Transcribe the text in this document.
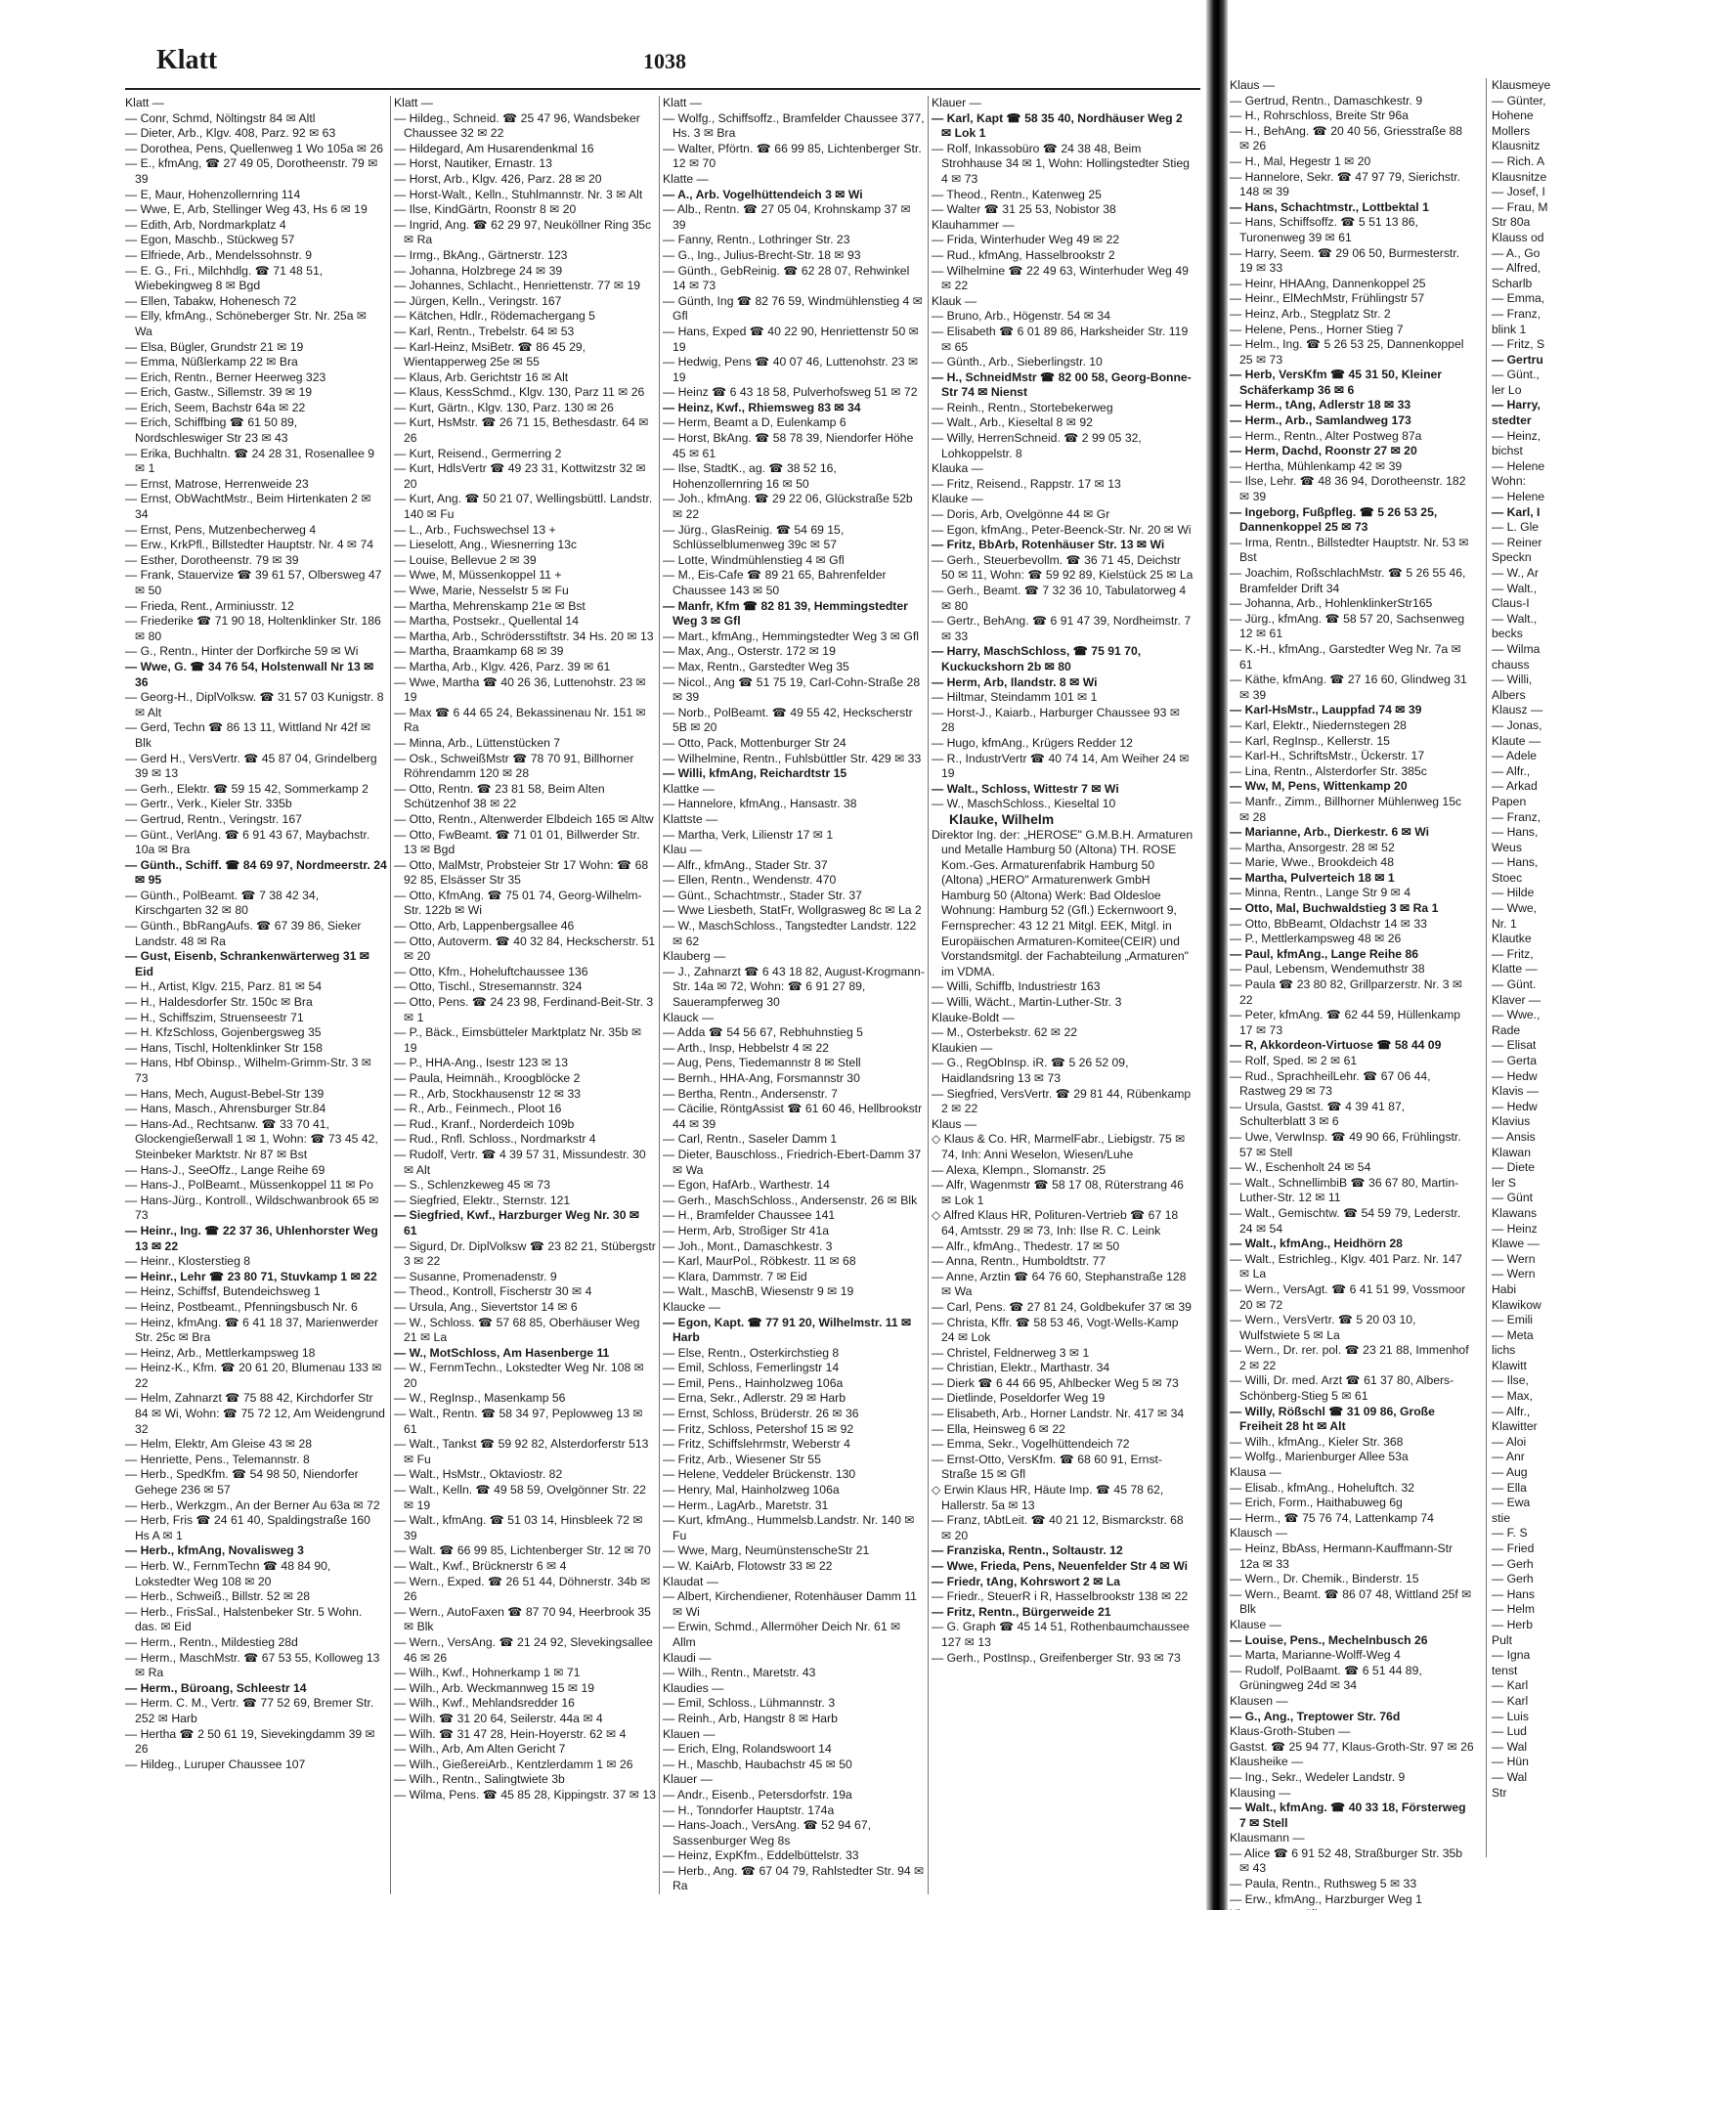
Klatt	1038
Klatt —
— Conr, Schmd, Nöltingstr 84 ✉ Altl
— Dieter, Arb., Klgv. 408, Parz. 92 ✉ 63
— Dorothea, Pens, Quellenweg 1 Wo 105a ✉ 26
— E., kfmAng, ☎ 27 49 05, Dorotheenstr. 79 ✉ 39
— E, Maur, Hohenzollernring 114
— Wwe, E, Arb, Stellinger Weg 43, Hs 6 ✉ 19
— Edith, Arb, Nordmarkplatz 4
— Egon, Maschb., Stückweg 57
— Elfriede, Arb., Mendelssohnstr. 9
— E. G., Fri., Milchhdlg. ☎ 71 48 51, Wiebekingweg 8 ✉ Bgd
— Ellen, Tabakw, Hohenesch 72
— Elly, kfmAng., Schöneberger Str. Nr. 25a ✉ Wa
— Elsa, Bügler, Grundstr 21 ✉ 19
— Emma, Nüßlerkamp 22 ✉ Bra
— Erich, Rentn., Berner Heerweg 323
— Erich, Gastw., Sillemstr. 39 ✉ 19
— Erich, Seem, Bachstr 64a ✉ 22
— Erich, Schiffbing ☎ 61 50 89, Nordschleswiger Str 23 ✉ 43
— Erika, Buchhaltn. ☎ 24 28 31, Rosenallee 9 ✉ 1
— Ernst, Matrose, Herrenweide 23
— Ernst, ObWachtMstr., Beim Hirtenkaten 2 ✉ 34
— Ernst, Pens, Mutzenbecherweg 4
— Erw., KrkPfl., Billstedter Hauptstr. Nr. 4 ✉ 74
— Esther, Dorotheenstr. 79 ✉ 39
— Frank, Stauervize ☎ 39 61 57, Olbersweg 47 ✉ 50
— Frieda, Rent., Arminiusstr. 12
— Friederike ☎ 71 90 18, Holtenklinker Str. 186 ✉ 80
— G., Rentn., Hinter der Dorfkirche 59 ✉ Wi
— Wwe, G. ☎ 34 76 54, Holstenwall Nr 13 ✉ 36
— Georg-H., DiplVolksw. ☎ 31 57 03 Kunigstr. 8 ✉ Alt
— Gerd, Techn ☎ 86 13 11, Wittland Nr 42f ✉ Blk
— Gerd H., VersVertr. ☎ 45 87 04, Grindelberg 39 ✉ 13
— Gerh., Elektr. ☎ 59 15 42, Sommerkamp 2
— Gertr., Verk., Kieler Str. 335b
— Gertrud, Rentn., Veringstr. 167
— Günt., VerlAng. ☎ 6 91 43 67, Maybachstr. 10a ✉ Bra
— Günth., Schiff. ☎ 84 69 97, Nordmeerstr. 24 ✉ 95
— Günth., PolBeamt. ☎ 7 38 42 34, Kirschgarten 32 ✉ 80
— Günth., BbRangAufs. ☎ 67 39 86, Sieker Landstr. 48 ✉ Ra
— Gust, Eisenb, Schrankenwärterweg 31 ✉ Eid
— H., Artist, Klgv. 215, Parz. 81 ✉ 54
— H., Haldesdorfer Str. 150c ✉ Bra
— H., Schiffszim, Struenseestr 71
— H. KfzSchloss, Gojenbergsweg 35
— Hans, Tischl, Holtenklinker Str 158
— Hans, Hbf Obinsp., Wilhelm-Grimm-Str. 3 ✉ 73
— Hans, Mech, August-Bebel-Str 139
— Hans, Masch., Ahrensburger Str.84
— Hans-Ad., Rechtsanw. ☎ 33 70 41, Glockengießerwall 1 ✉ 1, Wohn: ☎ 73 45 42, Steinbeker Marktstr. Nr 87 ✉ Bst
— Hans-J., SeeOffz., Lange Reihe 69
— Hans-J., PolBeamt., Müssenkoppel 11 ✉ Po
— Hans-Jürg., Kontroll., Wildschwanbrook 65 ✉ 73
— Heinr., Ing. ☎ 22 37 36, Uhlenhorster Weg 13 ✉ 22
— Heinr., Klosterstieg 8
— Heinr., Lehr ☎ 23 80 71, Stuvkamp 1 ✉ 22
— Heinz, Schiffsf, Butendeichsweg 1
— Heinz, Postbeamt., Pfenningsbusch Nr. 6
— Heinz, kfmAng. ☎ 6 41 18 37, Marienwerder Str. 25c ✉ Bra
— Heinz, Arb., Mettlerkampsweg 18
— Heinz-K., Kfm. ☎ 20 61 20, Blumenau 133 ✉ 22
— Helm, Zahnarzt ☎ 75 88 42, Kirchdorfer Str 84 ✉ Wi, Wohn: ☎ 75 72 12, Am Weidengrund 32
— Helm, Elektr, Am Gleise 43 ✉ 28
— Henriette, Pens., Telemannstr. 8
— Herb., SpedKfm. ☎ 54 98 50, Niendorfer Gehege 236 ✉ 57
— Herb., Werkzgm., An der Berner Au 63a ✉ 72
— Herb, Fris ☎ 24 61 40, Spaldingstraße 160 Hs A ✉ 1
— Herb., kfmAng, Novalisweg 3
— Herb. W., FernmTechn ☎ 48 84 90, Lokstedter Weg 108 ✉ 20
— Herb., Schweiß., Billstr. 52 ✉ 28
— Herb., FrisSal., Halstenbeker Str. 5 Wohn. das. ✉ Eid
— Herm., Rentn., Mildestieg 28d
— Herm., MaschMstr. ☎ 67 53 55, Kolloweg 13 ✉ Ra
— Herm., Büroang, Schleestr 14
— Herm. C. M., Vertr. ☎ 77 52 69, Bremer Str. 252 ✉ Harb
— Hertha ☎ 2 50 61 19, Sievekingdamm 39 ✉ 26
— Hildeg., Luruper Chaussee 107
Klatt —
— Hildeg., Schneid. ☎ 25 47 96, Wandsbeker Chaussee 32 ✉ 22
— Hildegard, Am Husarendenkmal 16
— Horst, Nautiker, Ernastr. 13
— Horst, Arb., Klgv. 426, Parz. 28 ✉ 20
— Horst-Walt., Kelln., Stuhlmannstr. Nr. 3 ✉ Alt
— Ilse, KindGärtn, Roonstr 8 ✉ 20
— Ingrid, Ang. ☎ 62 29 97, Neuköllner Ring 35c ✉ Ra
— Irmg., BkAng., Gärtnerstr. 123
— Johanna, Holzbrege 24 ✉ 39
— Johannes, Schlacht., Henriettenstr. 77 ✉ 19
— Jürgen, Kelln., Veringstr. 167
— Kätchen, Hdlr., Rödemachergang 5
— Karl, Rentn., Trebelstr. 64 ✉ 53
— Karl-Heinz, MsiBetr. ☎ 86 45 29, Wientapperweg 25e ✉ 55
— Klaus, Arb. Gerichtstr 16 ✉ Alt
— Klaus, KessSchmd., Klgv. 130, Parz 11 ✉ 26
— Kurt, Gärtn., Klgv. 130, Parz. 130 ✉ 26
— Kurt, HsMstr. ☎ 26 71 15, Bethesdastr. 64 ✉ 26
— Kurt, Reisend., Germerring 2
— Kurt, HdlsVertr ☎ 49 23 31, Kottwitzstr 32 ✉ 20
— Kurt, Ang. ☎ 50 21 07, Wellingsbüttl. Landstr. 140 ✉ Fu
— L., Arb., Fuchswechsel 13 +
— Lieselott, Ang., Wiesnerring 13c
— Louise, Bellevue 2 ✉ 39
— Wwe, M, Müssenkoppel 11 +
— Wwe, Marie, Nesselstr 5 ✉ Fu
— Martha, Mehrenskamp 21e ✉ Bst
— Martha, Postsekr., Quellental 14
— Martha, Arb., Schrödersstiftstr. 34 Hs. 20 ✉ 13
— Martha, Braamkamp 68 ✉ 39
— Martha, Arb., Klgv. 426, Parz. 39 ✉ 61
— Wwe, Martha ☎ 40 26 36, Luttenohstr. 23 ✉ 19
— Max ☎ 6 44 65 24, Bekassinenau Nr. 151 ✉ Ra
— Minna, Arb., Lüttenstücken 7
— Osk., SchweißMstr ☎ 78 70 91, Billhorner Röhrendamm 120 ✉ 28
— Otto, Rentn. ☎ 23 81 58, Beim Alten Schützenhof 38 ✉ 22
— Otto, Rentn., Altenwerder Elbdeich 165 ✉ Altw
— Otto, FwBeamt. ☎ 71 01 01, Billwerder Str. 13 ✉ Bgd
— Otto, MalMstr, Probsteier Str 17 Wohn: ☎ 68 92 85, Elsässer Str 35
— Otto, KfmAng. ☎ 75 01 74, Georg-Wilhelm-Str. 122b ✉ Wi
— Otto, Arb, Lappenbergsallee 46
— Otto, Autoverm. ☎ 40 32 84, Heckscherstr. 51 ✉ 20
— Otto, Kfm., Hoheluftchaussee 136
— Otto, Tischl., Stresemannstr. 324
— Otto, Pens. ☎ 24 23 98, Ferdinand-Beit-Str. 3 ✉ 1
— P., Bäck., Eimsbütteler Marktplatz Nr. 35b ✉ 19
— P., HHA-Ang., Isestr 123 ✉ 13
— Paula, Heimnäh., Kroogblöcke 2
— R., Arb, Stockhausenstr 12 ✉ 33
— R., Arb., Feinmech., Ploot 16
— Rud., Kranf., Norderdeich 109b
— Rud., Rnfl. Schloss., Nordmarkstr 4
— Rudolf, Vertr. ☎ 4 39 57 31, Missundestr. 30 ✉ Alt
— S., Schlenzkeweg 45 ✉ 73
— Siegfried, Elektr., Sternstr. 121
— Siegfried, Kwf., Harzburger Weg Nr. 30 ✉ 61
— Sigurd, Dr. DiplVolksw ☎ 23 82 21, Stübergstr 3 ✉ 22
— Susanne, Promenadenstr. 9
— Theod., Kontroll, Fischerstr 30 ✉ 4
— Ursula, Ang., Sievertstor 14 ✉ 6
— W., Schloss. ☎ 57 68 85, Oberhäuser Weg 21 ✉ La
— W., MotSchloss, Am Hasenberge 11
— W., FernmTechn., Lokstedter Weg Nr. 108 ✉ 20
— W., RegInsp., Masenkamp 56
— Walt., Rentn. ☎ 58 34 97, Peplowweg 13 ✉ 61
— Walt., Tankst ☎ 59 92 82, Alsterdorferstr 513 ✉ Fu
— Walt., HsMstr., Oktaviostr. 82
— Walt., Kelln. ☎ 49 58 59, Ovelgönner Str. 22 ✉ 19
— Walt., kfmAng. ☎ 51 03 14, Hinsbleek 72 ✉ 39
— Walt. ☎ 66 99 85, Lichtenberger Str. 12 ✉ 70
— Walt., Kwf., Brücknerstr 6 ✉ 4
— Wern., Exped. ☎ 26 51 44, Döhnerstr. 34b ✉ 26
— Wern., AutoFaxen ☎ 87 70 94, Heerbrook 35 ✉ Blk
— Wern., VersAng. ☎ 21 24 92, Slevekingsallee 46 ✉ 26
— Wilh., Kwf., Hohnerkamp 1 ✉ 71
— Wilh., Arb. Weckmannweg 15 ✉ 19
— Wilh., Kwf., Mehlandsredder 16
— Wilh. ☎ 31 20 64, Seilerstr. 44a ✉ 4
— Wilh. ☎ 31 47 28, Hein-Hoyerstr. 62 ✉ 4
— Wilh., Arb, Am Alten Gericht 7
— Wilh., GießereiArb., Kentzlerdamm 1 ✉ 26
— Wilh., Rentn., Salingtwiete 3b
— Wilma, Pens. ☎ 45 85 28, Kippingstr. 37 ✉ 13
Klatt —
— Wolfg., Schiffsoffz., Bramfelder Chaussee 377, Hs. 3 ✉ Bra
— Walter, Pförtn. ☎ 66 99 85, Lichtenberger Str. 12 ✉ 70
Klatte —
— A., Arb. Vogelhüttendeich 3 ✉ Wi
— Alb., Rentn. ☎ 27 05 04, Krohnskamp 37 ✉ 39
— Fanny, Rentn., Lothringer Str. 23
— G., Ing., Julius-Brecht-Str. 18 ✉ 93
— Günth., GebReinig. ☎ 62 28 07, Rehwinkel 14 ✉ 73
— Günth, Ing ☎ 82 76 59, Windmühlenstieg 4 ✉ Gfl
— Hans, Exped ☎ 40 22 90, Henriettenstr 50 ✉ 19
— Hedwig, Pens ☎ 40 07 46, Luttenohstr. 23 ✉ 19
— Heinz ☎ 6 43 18 58, Pulverhofsweg 51 ✉ 72
— Heinz, Kwf., Rhiemsweg 83 ✉ 34
— Herm, Beamt a D, Eulenkamp 6
— Horst, BkAng. ☎ 58 78 39, Niendorfer Höhe 45 ✉ 61
— Ilse, StadtK., ag. ☎ 38 52 16, Hohenzollernring 16 ✉ 50
— Joh., kfmAng. ☎ 29 22 06, Glückstraße 52b ✉ 22
— Jürg., GlasReinig. ☎ 54 69 15, Schlüsselblumenweg 39c ✉ 57
— Lotte, Windmühlenstieg 4 ✉ Gfl
— M., Eis-Cafe ☎ 89 21 65, Bahrenfelder Chaussee 143 ✉ 50
— Manfr, Kfm ☎ 82 81 39, Hemmingstedter Weg 3 ✉ Gfl
— Mart., kfmAng., Hemmingstedter Weg 3 ✉ Gfl
— Max, Ang., Osterstr. 172 ✉ 19
— Max, Rentn., Garstedter Weg 35
— Nicol., Ang ☎ 51 75 19, Carl-Cohn-Straße 28 ✉ 39
— Norb., PolBeamt. ☎ 49 55 42, Heckscherstr 5B ✉ 20
— Otto, Pack, Mottenburger Str 24
— Wilhelmine, Rentn., Fuhlsbüttler Str. 429 ✉ 33
— Willi, kfmAng, Reichardtstr 15
Klattke —
— Hannelore, kfmAng., Hansastr. 38
Klattste —
— Martha, Verk, Lilienstr 17 ✉ 1
Klau —
— Alfr., kfmAng., Stader Str. 37
— Ellen, Rentn., Wendenstr. 470
— Günt., Schachtmstr., Stader Str. 37
— Wwe Liesbeth, StatFr, Wollgrasweg 8c ✉ La 2
— W., MaschSchloss., Tangstedter Landstr. 122 ✉ 62
Klauberg —
— J., Zahnarzt ☎ 6 43 18 82, August-Krogmann-Str. 14a ✉ 72, Wohn: ☎ 6 91 27 89, Sauerampferweg 30
Klauck —
— Adda ☎ 54 56 67, Rebhuhnstieg 5
— Arth., Insp, Hebbelstr 4 ✉ 22
— Aug, Pens, Tiedemannstr 8 ✉ Stell
— Bernh., HHA-Ang, Forsmannstr 30
— Bertha, Rentn., Andersenstr. 7
— Cäcilie, RöntgAssist ☎ 61 60 46, Hellbrookstr 44 ✉ 39
— Carl, Rentn., Saseler Damm 1
— Dieter, Bauschloss., Friedrich-Ebert-Damm 37 ✉ Wa
— Egon, HafArb., Warthestr. 14
— Gerh., MaschSchloss., Andersenstr. 26 ✉ Blk
— H., Bramfelder Chaussee 141
— Herm, Arb, Stroßiger Str 41a
— Joh., Mont., Damaschkestr. 3
— Karl, MaurPol., Röbkestr. 11 ✉ 68
— Klara, Dammstr. 7 ✉ Eid
— Walt., MaschB, Wiesenstr 9 ✉ 19
Klaucke —
— Egon, Kapt. ☎ 77 91 20, Wilhelmstr. 11 ✉ Harb
— Else, Rentn., Osterkirchstieg 8
— Emil, Schloss, Femerlingstr 14
— Emil, Pens., Hainholzweg 106a
— Erna, Sekr., Adlerstr. 29 ✉ Harb
— Ernst, Schloss, Brüderstr. 26 ✉ 36
— Fritz, Schloss, Petershof 15 ✉ 92
— Fritz, Schiffslehrmstr, Weberstr 4
— Fritz, Arb., Wiesener Str 55
— Helene, Veddeler Brückenstr. 130
— Henry, Mal, Hainholzweg 106a
— Herm., LagArb., Maretstr. 31
— Kurt, kfmAng., Hummelsb.Landstr. Nr. 140 ✉ Fu
— Wwe, Marg, NeumünstenscheStr 21
— W. KaiArb, Flotowstr 33 ✉ 22
Klaudat —
— Albert, Kirchendiener, Rotenhäuser Damm 11 ✉ Wi
— Erwin, Schmd., Allermöher Deich Nr. 61 ✉ Allm
Klaudi —
— Wilh., Rentn., Maretstr. 43
Klaudies —
— Emil, Schloss., Lühmannstr. 3
— Reinh., Arb, Hangstr 8 ✉ Harb
Klauen —
— Erich, Elng, Rolandswoort 14
— H., Maschb, Haubachstr 45 ✉ 50
Klauer —
— Andr., Eisenb., Petersdorfstr. 19a
— H., Tonndorfer Hauptstr. 174a
— Hans-Joach., VersAng. ☎ 52 94 67, Sassenburger Weg 8s
— Heinz, ExpKfm., Eddelbüttelstr. 33
— Herb., Ang. ☎ 67 04 79, Rahlstedter Str. 94 ✉ Ra
Klauer —
— Karl, Kapt ☎ 58 35 40, Nordhäuser Weg 2 ✉ Lok 1
— Rolf, Inkassobüro ☎ 24 38 48, Beim Strohhause 34 ✉ 1, Wohn: Hollingstedter Stieg 4 ✉ 73
— Theod., Rentn., Katenweg 25
— Walter ☎ 31 25 53, Nobistor 38
Klauhammer —
— Frida, Winterhuder Weg 49 ✉ 22
— Rud., kfmAng, Hasselbrookstr 2
— Wilhelmine ☎ 22 49 63, Winterhuder Weg 49 ✉ 22
Klauk —
— Bruno, Arb., Högenstr. 54 ✉ 34
— Elisabeth ☎ 6 01 89 86, Harksheider Str. 119 ✉ 65
— Günth., Arb., Sieberlingstr. 10
— H., SchneidMstr ☎ 82 00 58, Georg-Bonne-Str 74 ✉ Nienst
— Reinh., Rentn., Stortebekerweg
— Walt., Arb., Kieseltal 8 ✉ 92
— Willy, HerrenSchneid. ☎ 2 99 05 32, Lohkoppelstr. 8
Klauka —
— Fritz, Reisend., Rappstr. 17 ✉ 13
Klauke —
— Doris, Arb, Ovelgönne 44 ✉ Gr
— Egon, kfmAng., Peter-Beenck-Str. Nr. 20 ✉ Wi
— Fritz, BbArb, Rotenhäuser Str. 13 ✉ Wi
— Gerh., Steuerbevollm. ☎ 36 71 45, Deichstr 50 ✉ 11, Wohn: ☎ 59 92 89, Kielstück 25 ✉ La
— Gerh., Beamt. ☎ 7 32 36 10, Tabulatorweg 4 ✉ 80
— Gertr., BehAng. ☎ 6 91 47 39, Nordheimstr. 7 ✉ 33
— Harry, MaschSchloss, ☎ 75 91 70, Kuckuckshorn 2b ✉ 80
— Herm, Arb, Ilandstr. 8 ✉ Wi
— Hiltmar, Steindamm 101 ✉ 1
— Horst-J., Kaiarb., Harburger Chaussee 93 ✉ 28
— Hugo, kfmAng., Krügers Redder 12
— R., IndustrVertr ☎ 40 74 14, Am Weiher 24 ✉ 19
— Walt., Schloss, Wittestr 7 ✉ Wi
— W., MaschSchloss., Kieseltal 10
Klauke, Wilhelm
Direktor Ing. der: „HEROSE" G.M.B.H. Armaturen und Metalle Hamburg 50 (Altona) TH. ROSE Kom.-Ges. Armaturenfabrik Hamburg 50 (Altona) „HERO" Armaturenwerk GmbH Hamburg 50 (Altona) Werk: Bad Oldesloe Wohnung: Hamburg 52 (Gfl.) Eckernwoort 9, Fernsprecher: 43 12 21 Mitgl. EEK, Mitgl. in Europäischen Armaturen-Komitee(CEIR) und Vorstandsmitgl. der Fachabteilung „Armaturen" im VDMA.
— Willi, Schiffb, Industriestr 163
— Willi, Wächt., Martin-Luther-Str. 3
Klauke-Boldt —
— M., Osterbekstr. 62 ✉ 22
Klaukien —
— G., RegObInsp. iR. ☎ 5 26 52 09, Haidlandsring 13 ✉ 73
— Siegfried, VersVertr. ☎ 29 81 44, Rübenkamp 2 ✉ 22
Klaus —
◇ Klaus & Co. HR, MarmelFabr., Liebigstr. 75 ✉ 74, Inh: Anni Weselon, Wiesen/Luhe
— Alexa, Klempn., Slomanstr. 25
— Alfr, Wagenmstr ☎ 58 17 08, Rüterstrang 46 ✉ Lok 1
◇ Alfred Klaus HR, Polituren-Vertrieb ☎ 67 18 64, Amtsstr. 29 ✉ 73, Inh: Ilse R. C. Leink
— Alfr., kfmAng., Thedestr. 17 ✉ 50
— Anna, Rentn., Humboldtstr. 77
— Anne, Arztin ☎ 64 76 60, Stephanstraße 128 ✉ Wa
— Carl, Pens. ☎ 27 81 24, Goldbekufer 37 ✉ 39
— Christa, Kffr. ☎ 58 53 46, Vogt-Wells-Kamp 24 ✉ Lok
— Christel, Feldnerweg 3 ✉ 1
— Christian, Elektr., Marthastr. 34
— Dierk ☎ 6 44 66 95, Ahlbecker Weg 5 ✉ 73
— Dietlinde, Poseldorfer Weg 19
— Elisabeth, Arb., Horner Landstr. Nr. 417 ✉ 34
— Ella, Heinsweg 6 ✉ 22
— Emma, Sekr., Vogelhüttendeich 72
— Ernst-Otto, VersKfm. ☎ 68 60 91, Ernst-Straße 15 ✉ Gfl
◇ Erwin Klaus HR, Häute Imp. ☎ 45 78 62, Hallerstr. 5a ✉ 13
— Franz, tAbtLeit. ☎ 40 21 12, Bismarckstr. 68 ✉ 20
— Franziska, Rentn., Soltaustr. 12
— Wwe, Frieda, Pens, Neuenfelder Str 4 ✉ Wi
— Friedr, tAng, Kohrswort 2 ✉ La
— Friedr., SteuerR i R, Hasselbrookstr 138 ✉ 22
— Fritz, Rentn., Bürgerweide 21
— G. Graph ☎ 45 14 51, Rothenbaumchaussee 127 ✉ 13
— Gerh., PostInsp., Greifenberger Str. 93 ✉ 73
Klaus —
— Gertrud, Rentn., Damaschkestr. 9
— H., Rohrschloss, Breite Str 96a
— H., BehAng. ☎ 20 40 56, Griesstraße 88 ✉ 26
— H., Mal, Hegestr 1 ✉ 20
— Hannelore, Sekr. ☎ 47 97 79, Sierichstr. 148 ✉ 39
— Hans, Schachtmstr., Lottbektal 1
— Hans, Schiffsoffz. ☎ 5 51 13 86, Turonenweg 39 ✉ 61
— Harry, Seem. ☎ 29 06 50, Burmesterstr. 19 ✉ 33
— Heinr, HHAAng, Dannenkoppel 25
— Heinr., ElMechMstr, Frühlingstr 57
— Heinz, Arb., Stegplatz Str. 2
— Helene, Pens., Horner Stieg 7
— Helm., Ing. ☎ 5 26 53 25, Dannenkoppel 25 ✉ 73
— Herb, VersKfm ☎ 45 31 50, Kleiner Schäferkamp 36 ✉ 6
— Herm., tAng, Adlerstr 18 ✉ 33
— Herm., Arb., Samlandweg 173
— Herm., Rentn., Alter Postweg 87a
— Herm, Dachd, Roonstr 27 ✉ 20
— Hertha, Mühlenkamp 42 ✉ 39
— Ilse, Lehr. ☎ 48 36 94, Dorotheenstr. 182 ✉ 39
— Ingeborg, Fußpfleg. ☎ 5 26 53 25, Dannenkoppel 25 ✉ 73
— Irma, Rentn., Billstedter Hauptstr. Nr. 53 ✉ Bst
— Joachim, RoßschlachMstr. ☎ 5 26 55 46, Bramfelder Drift 34
— Johanna, Arb., HohlenklinkerStr165
— Jürg., kfmAng. ☎ 58 57 20, Sachsenweg 12 ✉ 61
— K.-H., kfmAng., Garstedter Weg Nr. 7a ✉ 61
— Käthe, kfmAng. ☎ 27 16 60, Glindweg 31 ✉ 39
— Karl-HsMstr., Lauppfad 74 ✉ 39
— Karl, Elektr., Niedernstegen 28
— Karl, RegInsp., Kellerstr. 15
— Karl-H., SchriftsMstr., Ückerstr. 17
— Lina, Rentn., Alsterdorfer Str. 385c
— Ww, M, Pens, Wittenkamp 20
— Manfr., Zimm., Billhorner Mühlenweg 15c ✉ 28
— Marianne, Arb., Dierkestr. 6 ✉ Wi
— Martha, Ansorgestr. 28 ✉ 52
— Marie, Wwe., Brookdeich 48
— Martha, Pulverteich 18 ✉ 1
— Minna, Rentn., Lange Str 9 ✉ 4
— Otto, Mal, Buchwaldstieg 3 ✉ Ra 1
— Otto, BbBeamt, Oldachstr 14 ✉ 33
— P., Mettlerkampsweg 48 ✉ 26
— Paul, kfmAng., Lange Reihe 86
— Paul, Lebensm, Wendemuthstr 38
— Paula ☎ 23 80 82, Grillparzerstr. Nr. 3 ✉ 22
— Peter, kfmAng. ☎ 62 44 59, Hüllenkamp 17 ✉ 73
— R, Akkordeon-Virtuose ☎ 58 44 09
— Rolf, Sped. ✉ 2 ✉ 61
— Rud., SprachheilLehr. ☎ 67 06 44, Rastweg 29 ✉ 73
— Ursula, Gastst. ☎ 4 39 41 87, Schulterblatt 3 ✉ 6
— Uwe, VerwInsp. ☎ 49 90 66, Frühlingstr. 57 ✉ Stell
— W., Eschenholt 24 ✉ 54
— Walt., SchnellimbiB ☎ 36 67 80, Martin-Luther-Str. 12 ✉ 11
— Walt., Gemischtw. ☎ 54 59 79, Lederstr. 24 ✉ 54
— Walt., kfmAng., Heidhörn 28
— Walt., Estrichleg., Klgv. 401 Parz. Nr. 147 ✉ La
— Wern., VersAgt. ☎ 6 41 51 99, Vossmoor 20 ✉ 72
— Wern., VersVertr. ☎ 5 20 03 10, Wulfstwiete 5 ✉ La
— Wern., Dr. rer. pol. ☎ 23 21 88, Immenhof 2 ✉ 22
— Willi, Dr. med. Arzt ☎ 61 37 80, Albers-Schönberg-Stieg 5 ✉ 61
— Willy, Rößschl ☎ 31 09 86, Große Freiheit 28 ht ✉ Alt
— Wilh., kfmAng., Kieler Str. 368
— Wolfg., Marienburger Allee 53a
Klausa —
— Elisab., kfmAng., Hoheluftch. 32
— Erich, Form., Haithabuweg 6g
— Herm., ☎ 75 76 74, Lattenkamp 74
Klausch —
— Heinz, BbAss, Hermann-Kauffmann-Str 12a ✉ 33
— Wern., Dr. Chemik., Binderstr. 15
— Wern., Beamt. ☎ 86 07 48, Wittland 25f ✉ Blk
Klause —
— Louise, Pens., Mechelnbusch 26
— Marta, Marianne-Wolff-Weg 4
— Rudolf, PolBaamt. ☎ 6 51 44 89, Grüningweg 24d ✉ 34
Klausen —
— G., Ang., Treptower Str. 76d
Klaus-Groth-Stuben —
Gastst. ☎ 25 94 77, Klaus-Groth-Str. 97 ✉ 26
Klausheike —
— Ing., Sekr., Wedeler Landstr. 9
Klausing —
— Walt., kfmAng. ☎ 40 33 18, Försterweg 7 ✉ Stell
Klausmann —
— Alice ☎ 6 91 52 48, Straßburger Str. 35b ✉ 43
— Paula, Rentn., Ruthsweg 5 ✉ 33
— Erw., kfmAng., Harzburger Weg 1
Klausmeye
— Günter,
Hohene
Mollers
Klausnitz
— Rich. A
Klausnitze
— Josef, I
— Frau, M
Str 80a
Klauss od
— A., Go
— Alfred,
Scharlb
— Emma,
— Franz,
blink 1
— Fritz, S
— Gertru
— Günt.,
ler Lo
— Harry,
stedter
— Heinz,
bichst
— Helene
Wohn:
— Helene
— Karl, I
— L. Gle
— Reiner
Speckn
— W., Ar
— Walt.,
Claus-I
— Walt.,
becks
— Wilma
chauss
— Willi,
Albers
Klausz —
— Jonas,
Klaute —
— Adele
— Alfr.,
— Arkad
Papen
— Franz,
— Hans,
Weus
— Hans,
Stoec
— Hilde
— Wwe,
Nr. 1
Klautke
— Fritz,
Klatte —
— Günt.
Klaver —
— Wwe.,
Rade
— Elisat
— Gerta
— Hedw
Klavis —
— Hedw
Klavius
— Ansis
Klawan
— Diete
ler S
— Günt
Klawans
— Heinz
Klawe —
— Wern
— Wern
Habi
Klawikow
— Emili
— Meta
lichs
Klawitt
— Ilse,
— Max,
— Alfr.,
Klawitter
— Aloi
— Anr
— Aug
— Ella
— Ewa
stie
— F. S
— Fried
— Gerh
— Gerh
— Hans
— Helm
— Herb
Pult
— Igna
tenst
— Karl
— Karl
— Luis
— Lud
— Wal
— Hün
— Wal
Str
